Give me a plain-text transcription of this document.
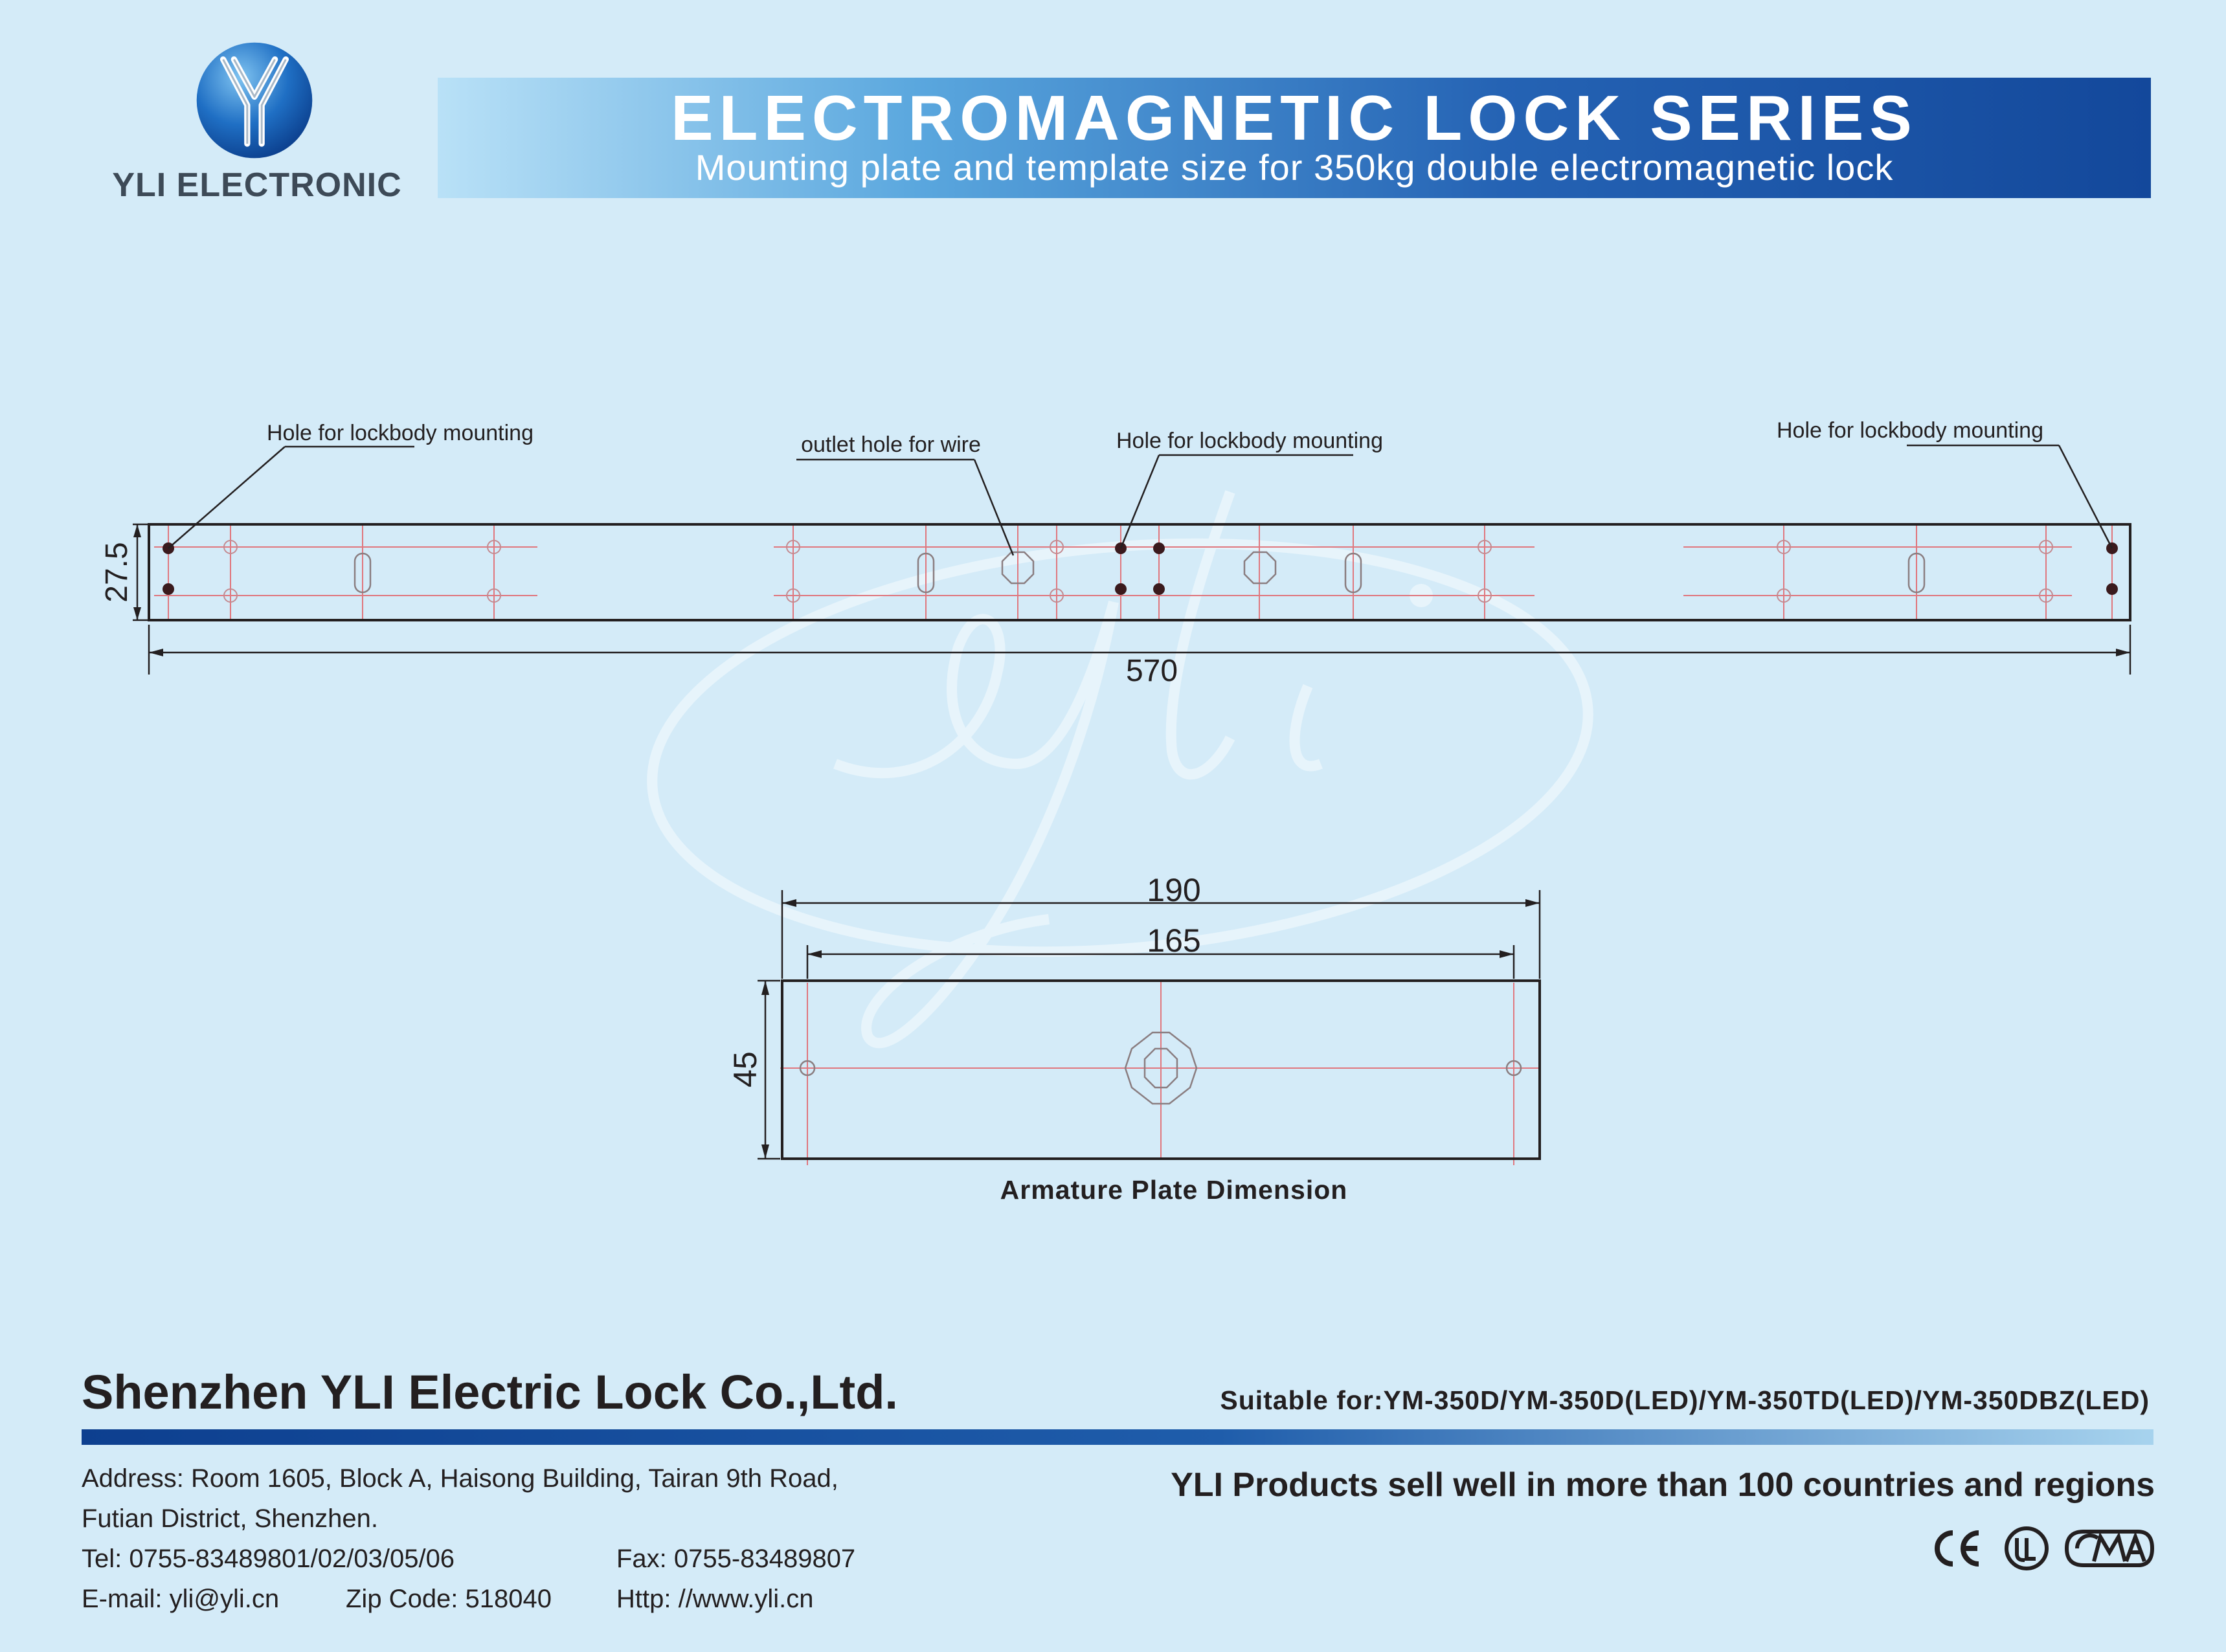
YLI ELECTRONIC
ELECTROMAGNETIC LOCK SERIES
Mounting plate and template size for 350kg double electromagnetic lock
Hole for lockbody mounting	outlet hole for wire	Hole for lockbody mounting	Hole for lockbody mounting
27.5
570
190
165
45
Armature Plate Dimension
Shenzhen YLI Electric Lock Co.,Ltd.	Suitable for:YM-350D/YM-350D(LED)/YM-350TD(LED)/YM-350DBZ(LED)
Address: Room 1605, Block A, Haisong Building, Tairan 9th Road,
Futian District, Shenzhen.
Tel: 0755-83489801/02/03/05/06	Fax: 0755-83489807
E-mail: yli@yli.cn	Zip Code: 518040 Http: //www.yli.cn
YLI Products sell well in more than 100 countries and regions
